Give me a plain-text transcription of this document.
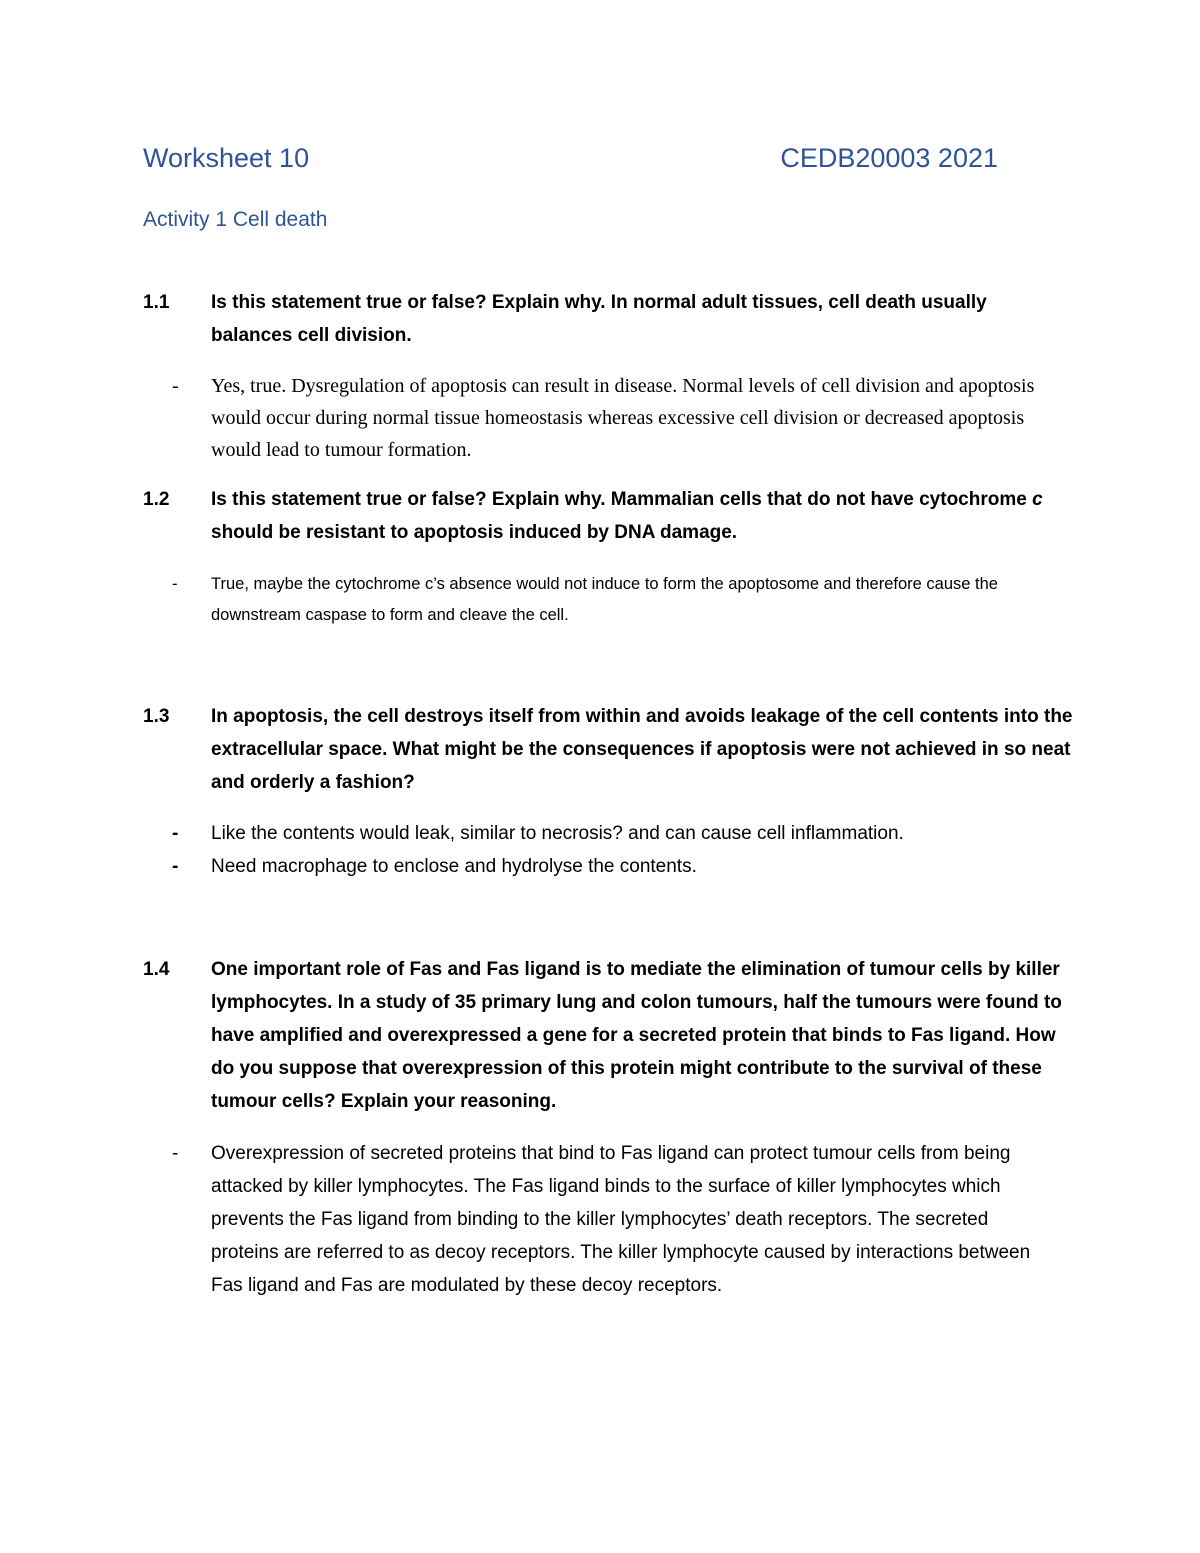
Worksheet 10	CEDB20003 2021
Activity 1 Cell death
1.1 Is this statement true or false? Explain why. In normal adult tissues, cell death usually balances cell division.
- Yes, true. Dysregulation of apoptosis can result in disease. Normal levels of cell division and apoptosis would occur during normal tissue homeostasis whereas excessive cell division or decreased apoptosis would lead to tumour formation.
1.2 Is this statement true or false? Explain why. Mammalian cells that do not have cytochrome c should be resistant to apoptosis induced by DNA damage.
- True, maybe the cytochrome c’s absence would not induce to form the apoptosome and therefore cause the downstream caspase to form and cleave the cell.
1.3 In apoptosis, the cell destroys itself from within and avoids leakage of the cell contents into the extracellular space. What might be the consequences if apoptosis were not achieved in so neat and orderly a fashion?
- Like the contents would leak, similar to necrosis? and can cause cell inflammation.
- Need macrophage to enclose and hydrolyse the contents.
1.4 One important role of Fas and Fas ligand is to mediate the elimination of tumour cells by killer lymphocytes. In a study of 35 primary lung and colon tumours, half the tumours were found to have amplified and overexpressed a gene for a secreted protein that binds to Fas ligand. How do you suppose that overexpression of this protein might contribute to the survival of these tumour cells? Explain your reasoning.
- Overexpression of secreted proteins that bind to Fas ligand can protect tumour cells from being attacked by killer lymphocytes. The Fas ligand binds to the surface of killer lymphocytes which prevents the Fas ligand from binding to the killer lymphocytes’ death receptors. The secreted proteins are referred to as decoy receptors. The killer lymphocyte caused by interactions between Fas ligand and Fas are modulated by these decoy receptors.
